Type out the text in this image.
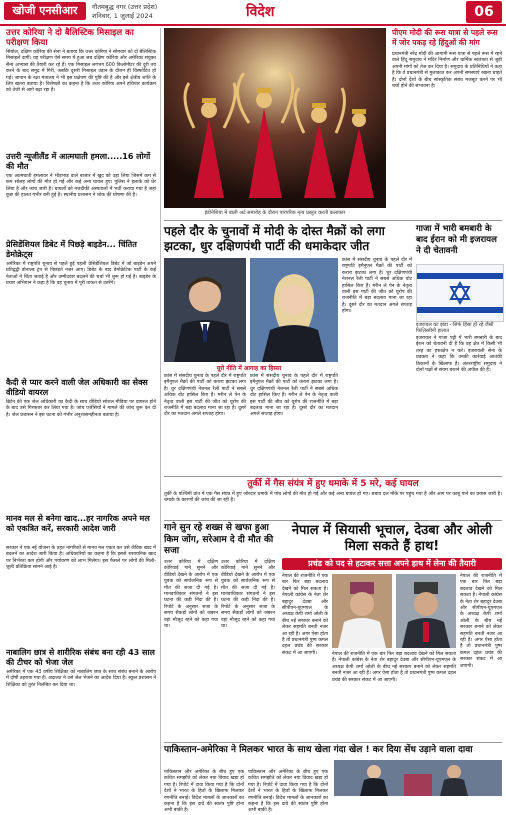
खोजी एनसीआर	गौतमबुद्ध नगर (उत्तर प्रदेश)
शनिवार, 1 जुलाई 2024	विदेश	06
उत्तर कोरिया ने दो बैलिस्टिक मिसाइल का परीक्षण किया
सियोल, दक्षिण कोरिया की सेना ने बताया कि उत्तर कोरिया ने सोमवार को दो बैलिस्टिक मिसाइलें दागीं। यह परीक्षण ऐसे समय में हुआ जब दक्षिण कोरिया और अमेरिका संयुक्त सैन्य अभ्यास की तैयारी कर रहे हैं। एक मिसाइल लगभग 600 किलोमीटर की दूरी तय करने के बाद समुद्र में गिरी, जबकि दूसरी मिसाइल उड़ान के दौरान ही विस्फोटित हो गई। जापान के रक्षा मंत्रालय ने भी इस प्रक्षेपण की पुष्टि की है और इसे क्षेत्रीय शांति के लिए खतरा बताया है। विशेषज्ञों का कहना है कि उत्तर कोरिया अपने हथियार कार्यक्रम को तेजी से आगे बढ़ा रहा है।
उत्तरी न्यूजीलैंड में आत्मघाती हमला.....16 लोगों की मौत
एक आत्मघाती हमलावर ने भीड़भाड़ वाले बाजार में खुद को उड़ा लिया जिसमें कम से कम सोलह लोगों की मौत हो गई और कई अन्य घायल हुए। पुलिस ने इलाके को घेर लिया है और जांच जारी है। घायलों को नजदीकी अस्पतालों में भर्ती कराया गया है जहां कुछ की हालत गंभीर बनी हुई है। स्थानीय प्रशासन ने शोक की घोषणा की है।
प्रेसिडेंशियल डिबेट में पिछड़े बाइडेन... चिंतित डेमोक्रेट्स
अमेरिका में राष्ट्रपति चुनाव से पहले हुई पहली प्रेसिडेंशियल डिबेट में जो बाइडेन अपने प्रतिद्वंद्वी डोनाल्ड ट्रंप से पिछड़ते नजर आए। डिबेट के बाद डेमोक्रेटिक पार्टी के कई नेताओं ने चिंता जताई है और उम्मीदवार बदलने की चर्चा भी शुरू हो गई है। बाइडेन के प्रचार अभियान ने कहा है कि वह चुनाव में पूरी ताकत से उतरेंगे।
कैदी से प्यार करने वाली जेल अधिकारी का सेक्स वीडियो वायरल
ब्रिटेन की एक जेल अधिकारी का कैदी के साथ वीडियो सोशल मीडिया पर वायरल होने के बाद उसे गिरफ्तार कर लिया गया है। जांच एजेंसियों ने मामले की जांच शुरू कर दी है। जेल प्रशासन ने इस घटना को गंभीर अनुशासनहीनता बताया है।
मानव मल से बनेगा खाद...हर नागरिक अपने मल को एकत्रित करें, सरकारी आदेश जारी
सरकार ने एक नई योजना के तहत नागरिकों से मानव मल एकत्र कर उसे जैविक खाद में बदलने का आदेश जारी किया है। अधिकारियों का कहना है कि इससे रासायनिक खाद पर निर्भरता कम होगी और पर्यावरण को लाभ मिलेगा। इस फैसले पर लोगों की मिली-जुली प्रतिक्रिया सामने आई है।
नाबालिग छात्र से शारीरिक संबंध बना रही 43 साल की टीचर को भेजा जेल
अमेरिका में एक 43 वर्षीय शिक्षिका को नाबालिग छात्र के साथ संबंध बनाने के आरोप में दोषी ठहराया गया है। अदालत ने उसे जेल भेजने का आदेश दिया है। स्कूल प्रशासन ने शिक्षिका को तुरंत निलंबित कर दिया था।
इंडोनेशिया में बाली अर्ट समारोह के दौरान पारंपरिक नृत्य प्रस्तुत करती कलाकार
पीएम मोदी की रूस यात्रा से पहले रूस में जोर पकड़ रहे हिंदुओं की मांग
प्रधानमंत्री नरेंद्र मोदी की आगामी रूस यात्रा से पहले रूस में रहने वाले हिंदू समुदाय ने मंदिर निर्माण और धार्मिक स्वतंत्रता से जुड़ी अपनी मांगों को तेज कर दिया है। समुदाय के प्रतिनिधियों ने कहा है कि वे प्रधानमंत्री से मुलाकात कर अपनी समस्याएं रखना चाहते हैं। दोनों देशों के बीच सांस्कृतिक संबंध मजबूत करने पर भी चर्चा होने की संभावना है।
पहले दौर के चुनावों में मोदी के दोस्त मैक्रों को लगा झटका, धुर दक्षिणपंथी पार्टी की धमाकेदार जीत
यूरो नीति में आगाह का हिस्सा
फ्रांस में संसदीय चुनाव के पहले दौर में राष्ट्रपति इमैनुएल मैक्रों की पार्टी को करारा झटका लगा है। धुर दक्षिणपंथी नेशनल रैली पार्टी ने सबसे अधिक वोट हासिल किए हैं। मरीन ले पेन के नेतृत्व वाली इस पार्टी की जीत को यूरोप की राजनीति में बड़ा बदलाव माना जा रहा है। दूसरे दौर का मतदान अगले सप्ताह होगा।
फ्रांस में संसदीय चुनाव के पहले दौर में राष्ट्रपति इमैनुएल मैक्रों की पार्टी को करारा झटका लगा है। धुर दक्षिणपंथी नेशनल रैली पार्टी ने सबसे अधिक वोट हासिल किए हैं। मरीन ले पेन के नेतृत्व वाली इस पार्टी की जीत को यूरोप की राजनीति में बड़ा बदलाव माना जा रहा है। दूसरे दौर का मतदान अगले सप्ताह होगा।
फ्रांस में संसदीय चुनाव के पहले दौर में राष्ट्रपति इमैनुएल मैक्रों की पार्टी को करारा झटका लगा है। धुर दक्षिणपंथी नेशनल रैली पार्टी ने सबसे अधिक वोट हासिल किए हैं। मरीन ले पेन के नेतृत्व वाली इस पार्टी की जीत को यूरोप की राजनीति में बड़ा बदलाव माना जा रहा है। दूसरे दौर का मतदान अगले सप्ताह होगा।
गाजा में भारी बमबारी के बाद ईरान को मी इजरायल ने दी चेतावनी
इजरायल का झंडा - सिर्फ हिंसा हो रहे जैसी फिलिस्तीनी हालात
इजरायल ने गाजा पट्टी में भारी बमबारी के बाद ईरान को चेतावनी दी है कि वह क्षेत्र में किसी भी तरह का हस्तक्षेप न करे। इजरायली सेना के प्रवक्ता ने कहा कि उनकी कार्रवाई आतंकी ठिकानों के खिलाफ है। अंतरराष्ट्रीय समुदाय ने दोनों पक्षों से संयम बरतने की अपील की है।
तुर्की में गैस संयंत्र में हुए धमाके में 5 मरे, कई घायल
तुर्की के पश्चिमी प्रांत में एक गैस संयंत्र में हुए जोरदार धमाके में पांच लोगों की मौत हो गई और कई अन्य घायल हो गए। बचाव दल मौके पर पहुंच गया है और आग पर काबू पाने का प्रयास जारी है। धमाके के कारणों की जांच की जा रही है।
गाने सुन रहे शख्स से खफा हुआ किम जोंग, सरेआम दे दी मौत की सजा
उत्तर कोरिया में दक्षिण कोरियाई गाने सुनने और वीडियो देखने के आरोप में एक युवक को सार्वजनिक रूप से मौत की सजा दी गई है। मानवाधिकार संगठनों ने इस घटना की कड़ी निंदा की है। रिपोर्ट के अनुसार सजा के समय सैकड़ों लोगों को जबरन वहां मौजूद रहने को कहा गया था।
उत्तर कोरिया में दक्षिण कोरियाई गाने सुनने और वीडियो देखने के आरोप में एक युवक को सार्वजनिक रूप से मौत की सजा दी गई है। मानवाधिकार संगठनों ने इस घटना की कड़ी निंदा की है। रिपोर्ट के अनुसार सजा के समय सैकड़ों लोगों को जबरन वहां मौजूद रहने को कहा गया था।
नेपाल में सियासी भूचाल, देउबा और ओली मिला सकते हैं हाथ!
प्रचंड को पद से हटाकर सत्ता अपने हाथ में लेना की तैयारी
नेपाल की राजनीति में एक बार फिर बड़ा बदलाव देखने को मिल सकता है। नेपाली कांग्रेस के नेता शेर बहादुर देउबा और सीपीएन-यूएमएल के अध्यक्ष केपी शर्मा ओली के बीच नई सरकार बनाने को लेकर सहमति बनती नजर आ रही है। अगर ऐसा होता है तो प्रधानमंत्री पुष्प कमल दहल प्रचंड की सरकार संकट में आ जाएगी।
नेपाल की राजनीति में एक बार फिर बड़ा बदलाव देखने को मिल सकता है। नेपाली कांग्रेस के नेता शेर बहादुर देउबा और सीपीएन-यूएमएल के अध्यक्ष केपी शर्मा ओली के बीच नई सरकार बनाने को लेकर सहमति बनती नजर आ रही है। अगर ऐसा होता है तो प्रधानमंत्री पुष्प कमल दहल प्रचंड की सरकार संकट में आ जाएगी।
नेपाल की राजनीति में एक बार फिर बड़ा बदलाव देखने को मिल सकता है। नेपाली कांग्रेस के नेता शेर बहादुर देउबा और सीपीएन-यूएमएल के अध्यक्ष केपी शर्मा ओली के बीच नई सरकार बनाने को लेकर सहमति बनती नजर आ रही है। अगर ऐसा होता है तो प्रधानमंत्री पुष्प कमल दहल प्रचंड की सरकार संकट में आ जाएगी।
पाकिस्तान-अमेरिका ने मिलकर भारत के साथ खेला गंदा खेल ! कर दिया सेंध उड़ाने वाला दावा
पाकिस्तान और अमेरिका के बीच हुए एक कथित समझौते को लेकर नया विवाद खड़ा हो गया है। रिपोर्ट में दावा किया गया है कि दोनों देशों ने भारत के हितों के खिलाफ मिलकर रणनीति बनाई। विदेश मामलों के जानकारों का कहना है कि इस दावे की स्वतंत्र पुष्टि होना अभी बाकी है।
पाकिस्तान और अमेरिका के बीच हुए एक कथित समझौते को लेकर नया विवाद खड़ा हो गया है। रिपोर्ट में दावा किया गया है कि दोनों देशों ने भारत के हितों के खिलाफ मिलकर रणनीति बनाई। विदेश मामलों के जानकारों का कहना है कि इस दावे की स्वतंत्र पुष्टि होना अभी बाकी है।
